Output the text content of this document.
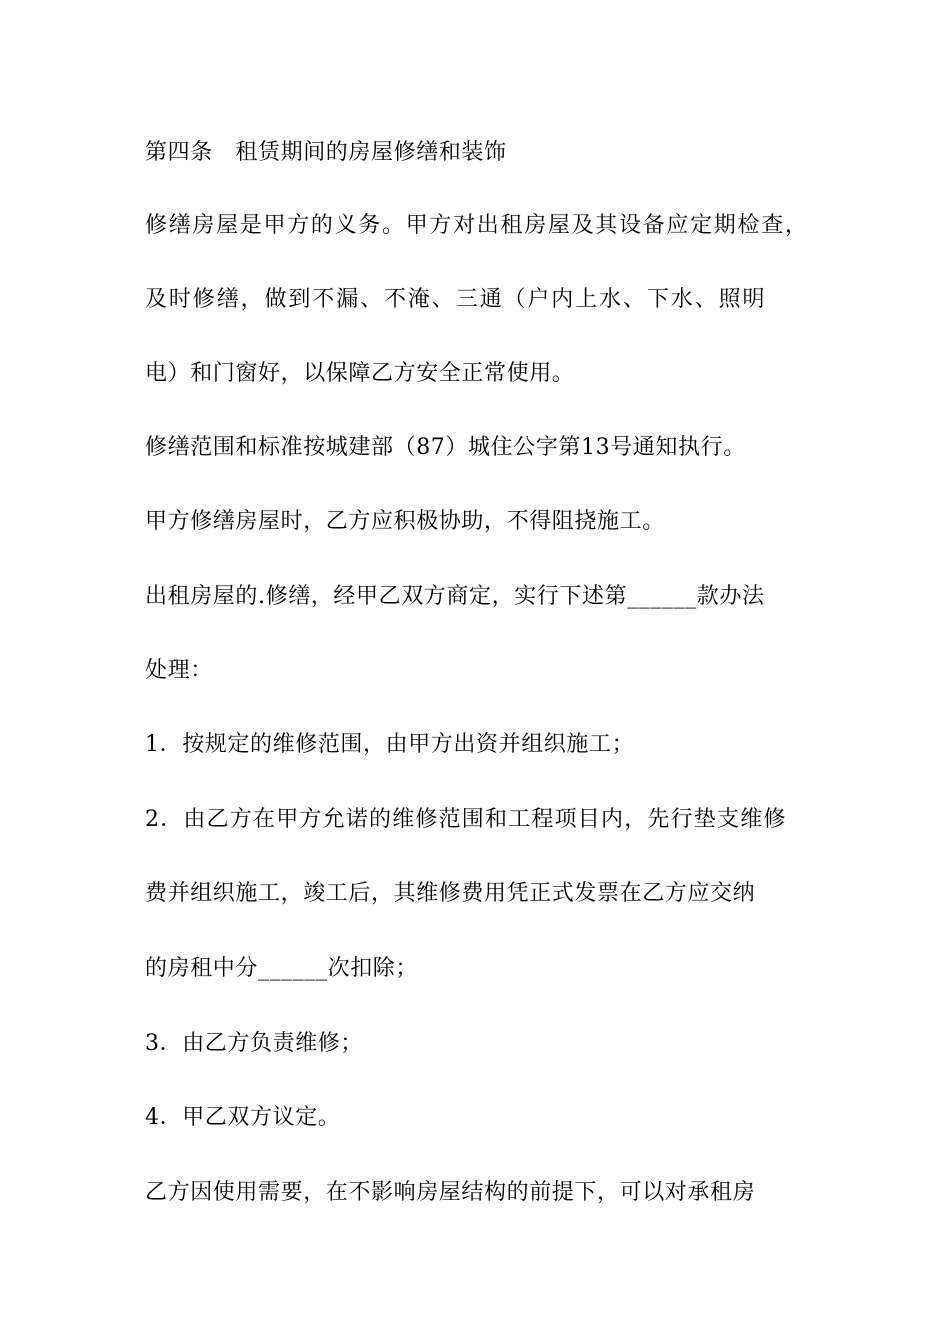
第四条　租赁期间的房屋修缮和装饰
修缮房屋是甲方的义务。甲方对出租房屋及其设备应定期检查，
及时修缮，做到不漏、不淹、三通（户内上水、下水、照明
电）和门窗好，以保障乙方安全正常使用。
修缮范围和标准按城建部（87）城住公字第13号通知执行。
甲方修缮房屋时，乙方应积极协助，不得阻挠施工。
出租房屋的.修缮，经甲乙双方商定，实行下述第______款办法
处理：
1．按规定的维修范围，由甲方出资并组织施工；
2．由乙方在甲方允诺的维修范围和工程项目内，先行垫支维修
费并组织施工，竣工后，其维修费用凭正式发票在乙方应交纳
的房租中分______次扣除；
3．由乙方负责维修；
4．甲乙双方议定。
乙方因使用需要，在不影响房屋结构的前提下，可以对承租房
